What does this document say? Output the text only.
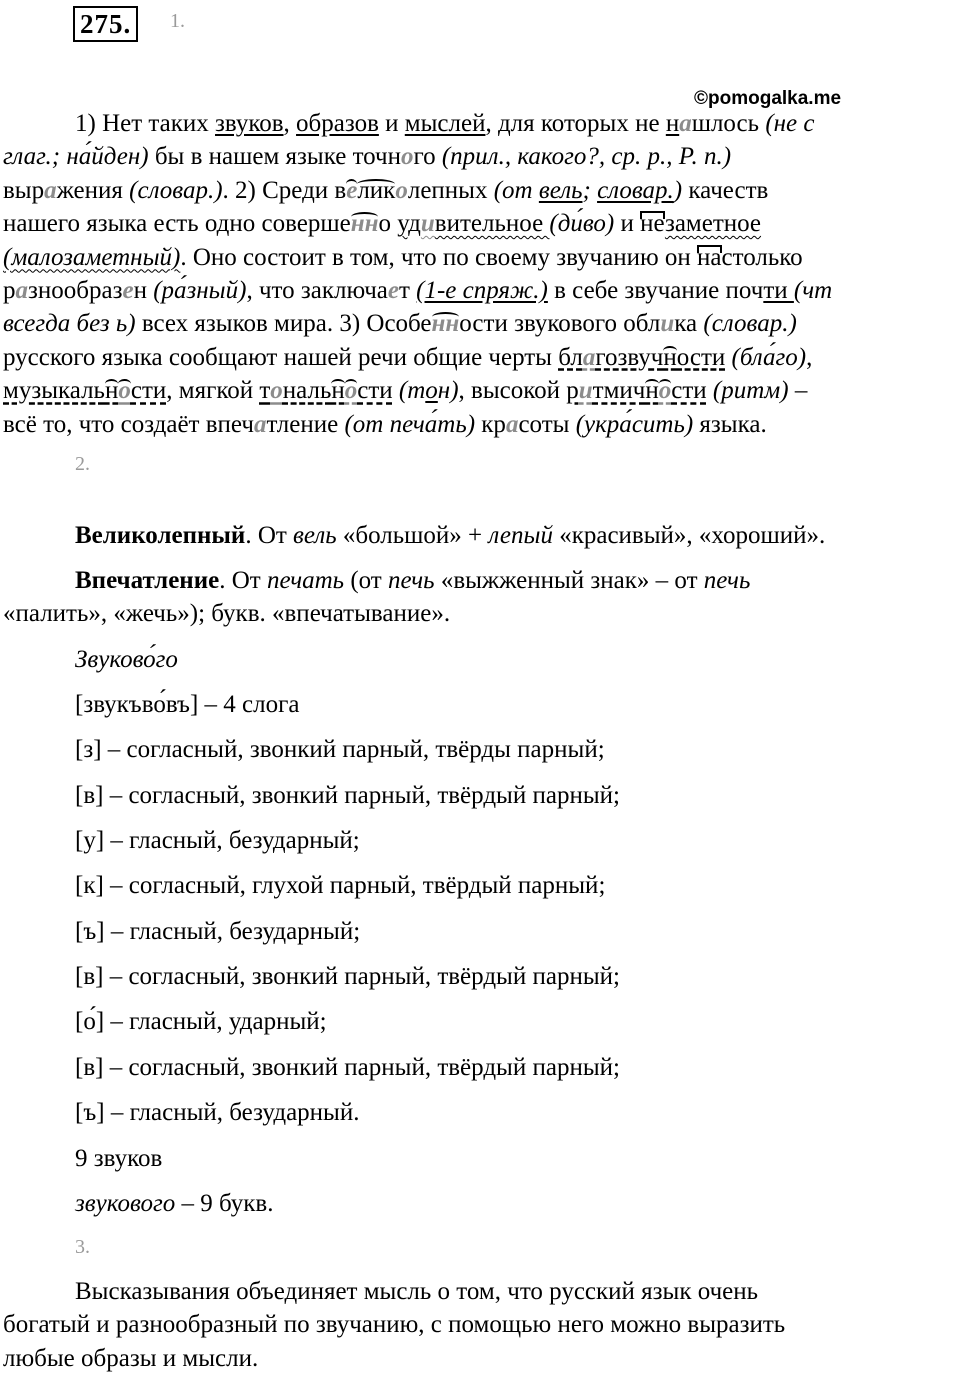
275.	1.
©pomogalka.me
1) Нет таких звуков, образов и мыслей, для которых не нашлось (не с
глаг.; найден) бы в нашем языке точного (прил., какого?, ср. р., Р. п.)
выражения (словар.). 2) Среди великолепных (от вель; словар.) качеств
нашего языка есть одно совершенно удивительное (диво) и незаметное
(малозаметный). Оно состоит в том, что по своему звучанию он настолько
разнообразен (разный), что заключает (1-е спряж.) в себе звучание почти (чт
всегда без ь) всех языков мира. 3) Особенности звукового облика (словар.)
русского языка сообщают нашей речи общие черты благозвучности (благо),
музыкальности, мягкой тональности (тон), высокой ритмичности (ритм) –
всё то, что создаёт впечатление (от печать) красоты (украсить) языка.
2.
Великолепный. От вель «большой» + лепый «красивый», «хороший».
Впечатление. От печать (от печь «выжженный знак» – от печь
«палить», «жечь»); букв. «впечатывание».
Звукового
[звукъво́въ] – 4 слога
[з] – согласный, звонкий парный, твёрды парный;
[в] – согласный, звонкий парный, твёрдый парный;
[у] – гласный, безударный;
[к] – согласный, глухой парный, твёрдый парный;
[ъ] – гласный, безударный;
[в] – согласный, звонкий парный, твёрдый парный;
[о́] – гласный, ударный;
[в] – согласный, звонкий парный, твёрдый парный;
[ъ] – гласный, безударный.
9 звуков
звукового – 9 букв.
3.
Высказывания объединяет мысль о том, что русский язык очень
богатый и разнообразный по звучанию, с помощью него можно выразить
любые образы и мысли.
